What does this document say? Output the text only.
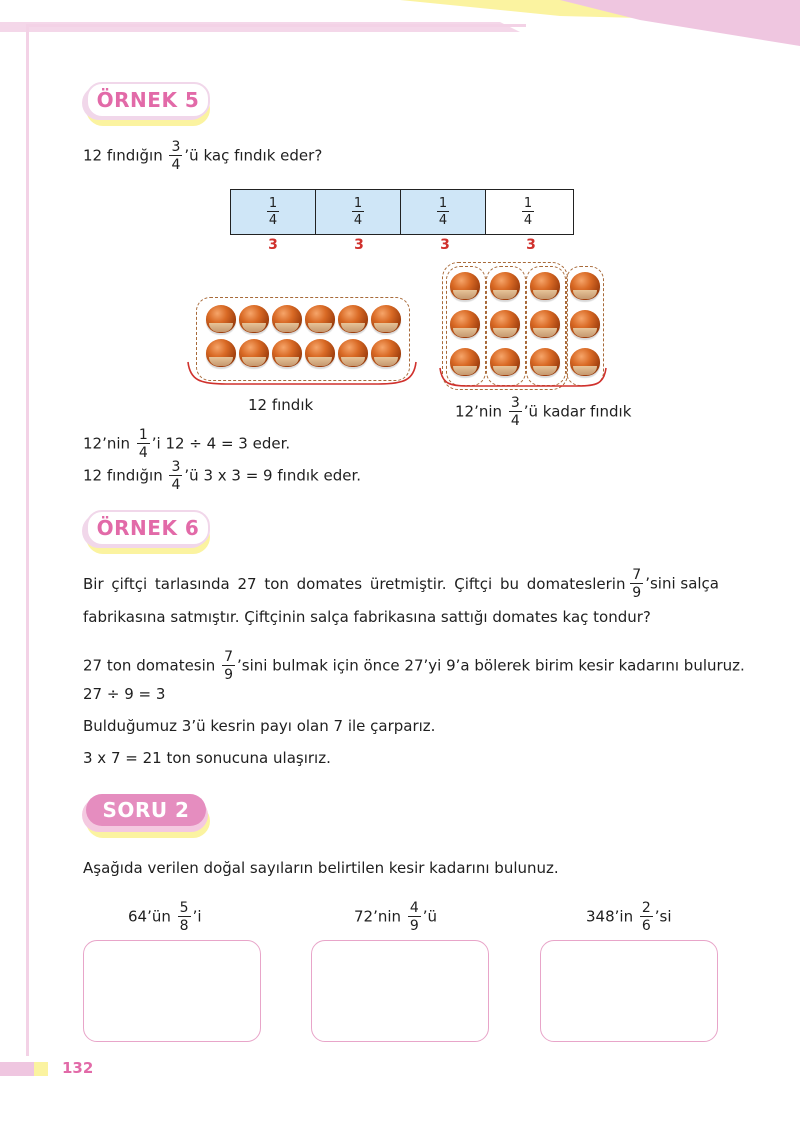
ÖRNEK 5
12 fındığın $\frac{3}{4}$ ’ü kaç fındık eder?
$\frac{1}{4}$	$\frac{1}{4}$	$\frac{1}{4}$	$\frac{1}{4}$
3	3	3	3
12 fındık	12’nin $\frac{3}{4}$ ’ü kadar fındık
12’nin $\frac{1}{4}$ ’i 12 ÷ 4 = 3 eder.
12 fındığın $\frac{3}{4}$ ’ü 3 x 3 = 9 fındık eder.
ÖRNEK 6
Bir çiftçi tarlasında 27 ton domates üretmiştir. Çiftçi bu domateslerin $\frac{7}{9}$ ’sini salça
fabrikasına satmıştır. Çiftçinin salça fabrikasına sattığı domates kaç tondur?
27 ton domatesin $\frac{7}{9}$ ’sini bulmak için önce 27’yi 9’a bölerek birim kesir kadarını buluruz.
27 ÷ 9 = 3
Bulduğumuz 3’ü kesrin payı olan 7 ile çarparız.
3 x 7 = 21 ton sonucuna ulaşırız.
SORU 2
Aşağıda verilen doğal sayıların belirtilen kesir kadarını bulunuz.
64’ün $\frac{5}{8}$ ’i	72’nin $\frac{4}{9}$ ’ü	348’in $\frac{2}{6}$ ’si
132
